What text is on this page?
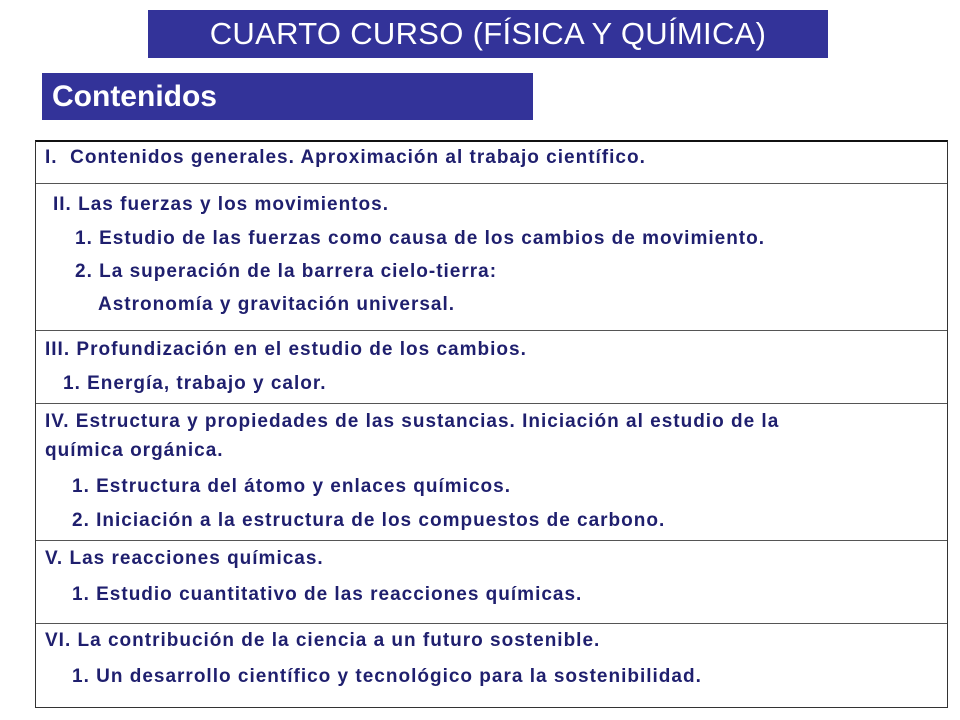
CUARTO CURSO (FÍSICA Y QUÍMICA)
Contenidos
I.  Contenidos generales. Aproximación al trabajo científico.
II. Las fuerzas y los movimientos.
1. Estudio de las fuerzas como causa de los cambios de movimiento.
2. La superación de la barrera cielo-tierra:
Astronomía y gravitación universal.
III. Profundización en el estudio de los cambios.
1. Energía, trabajo y calor.
IV. Estructura y propiedades de las sustancias. Iniciación al estudio de la
química orgánica.
1. Estructura del átomo y enlaces químicos.
2. Iniciación a la estructura de los compuestos de carbono.
V. Las reacciones químicas.
1. Estudio cuantitativo de las reacciones químicas.
VI. La contribución de la ciencia a un futuro sostenible.
1. Un desarrollo científico y tecnológico para la sostenibilidad.
